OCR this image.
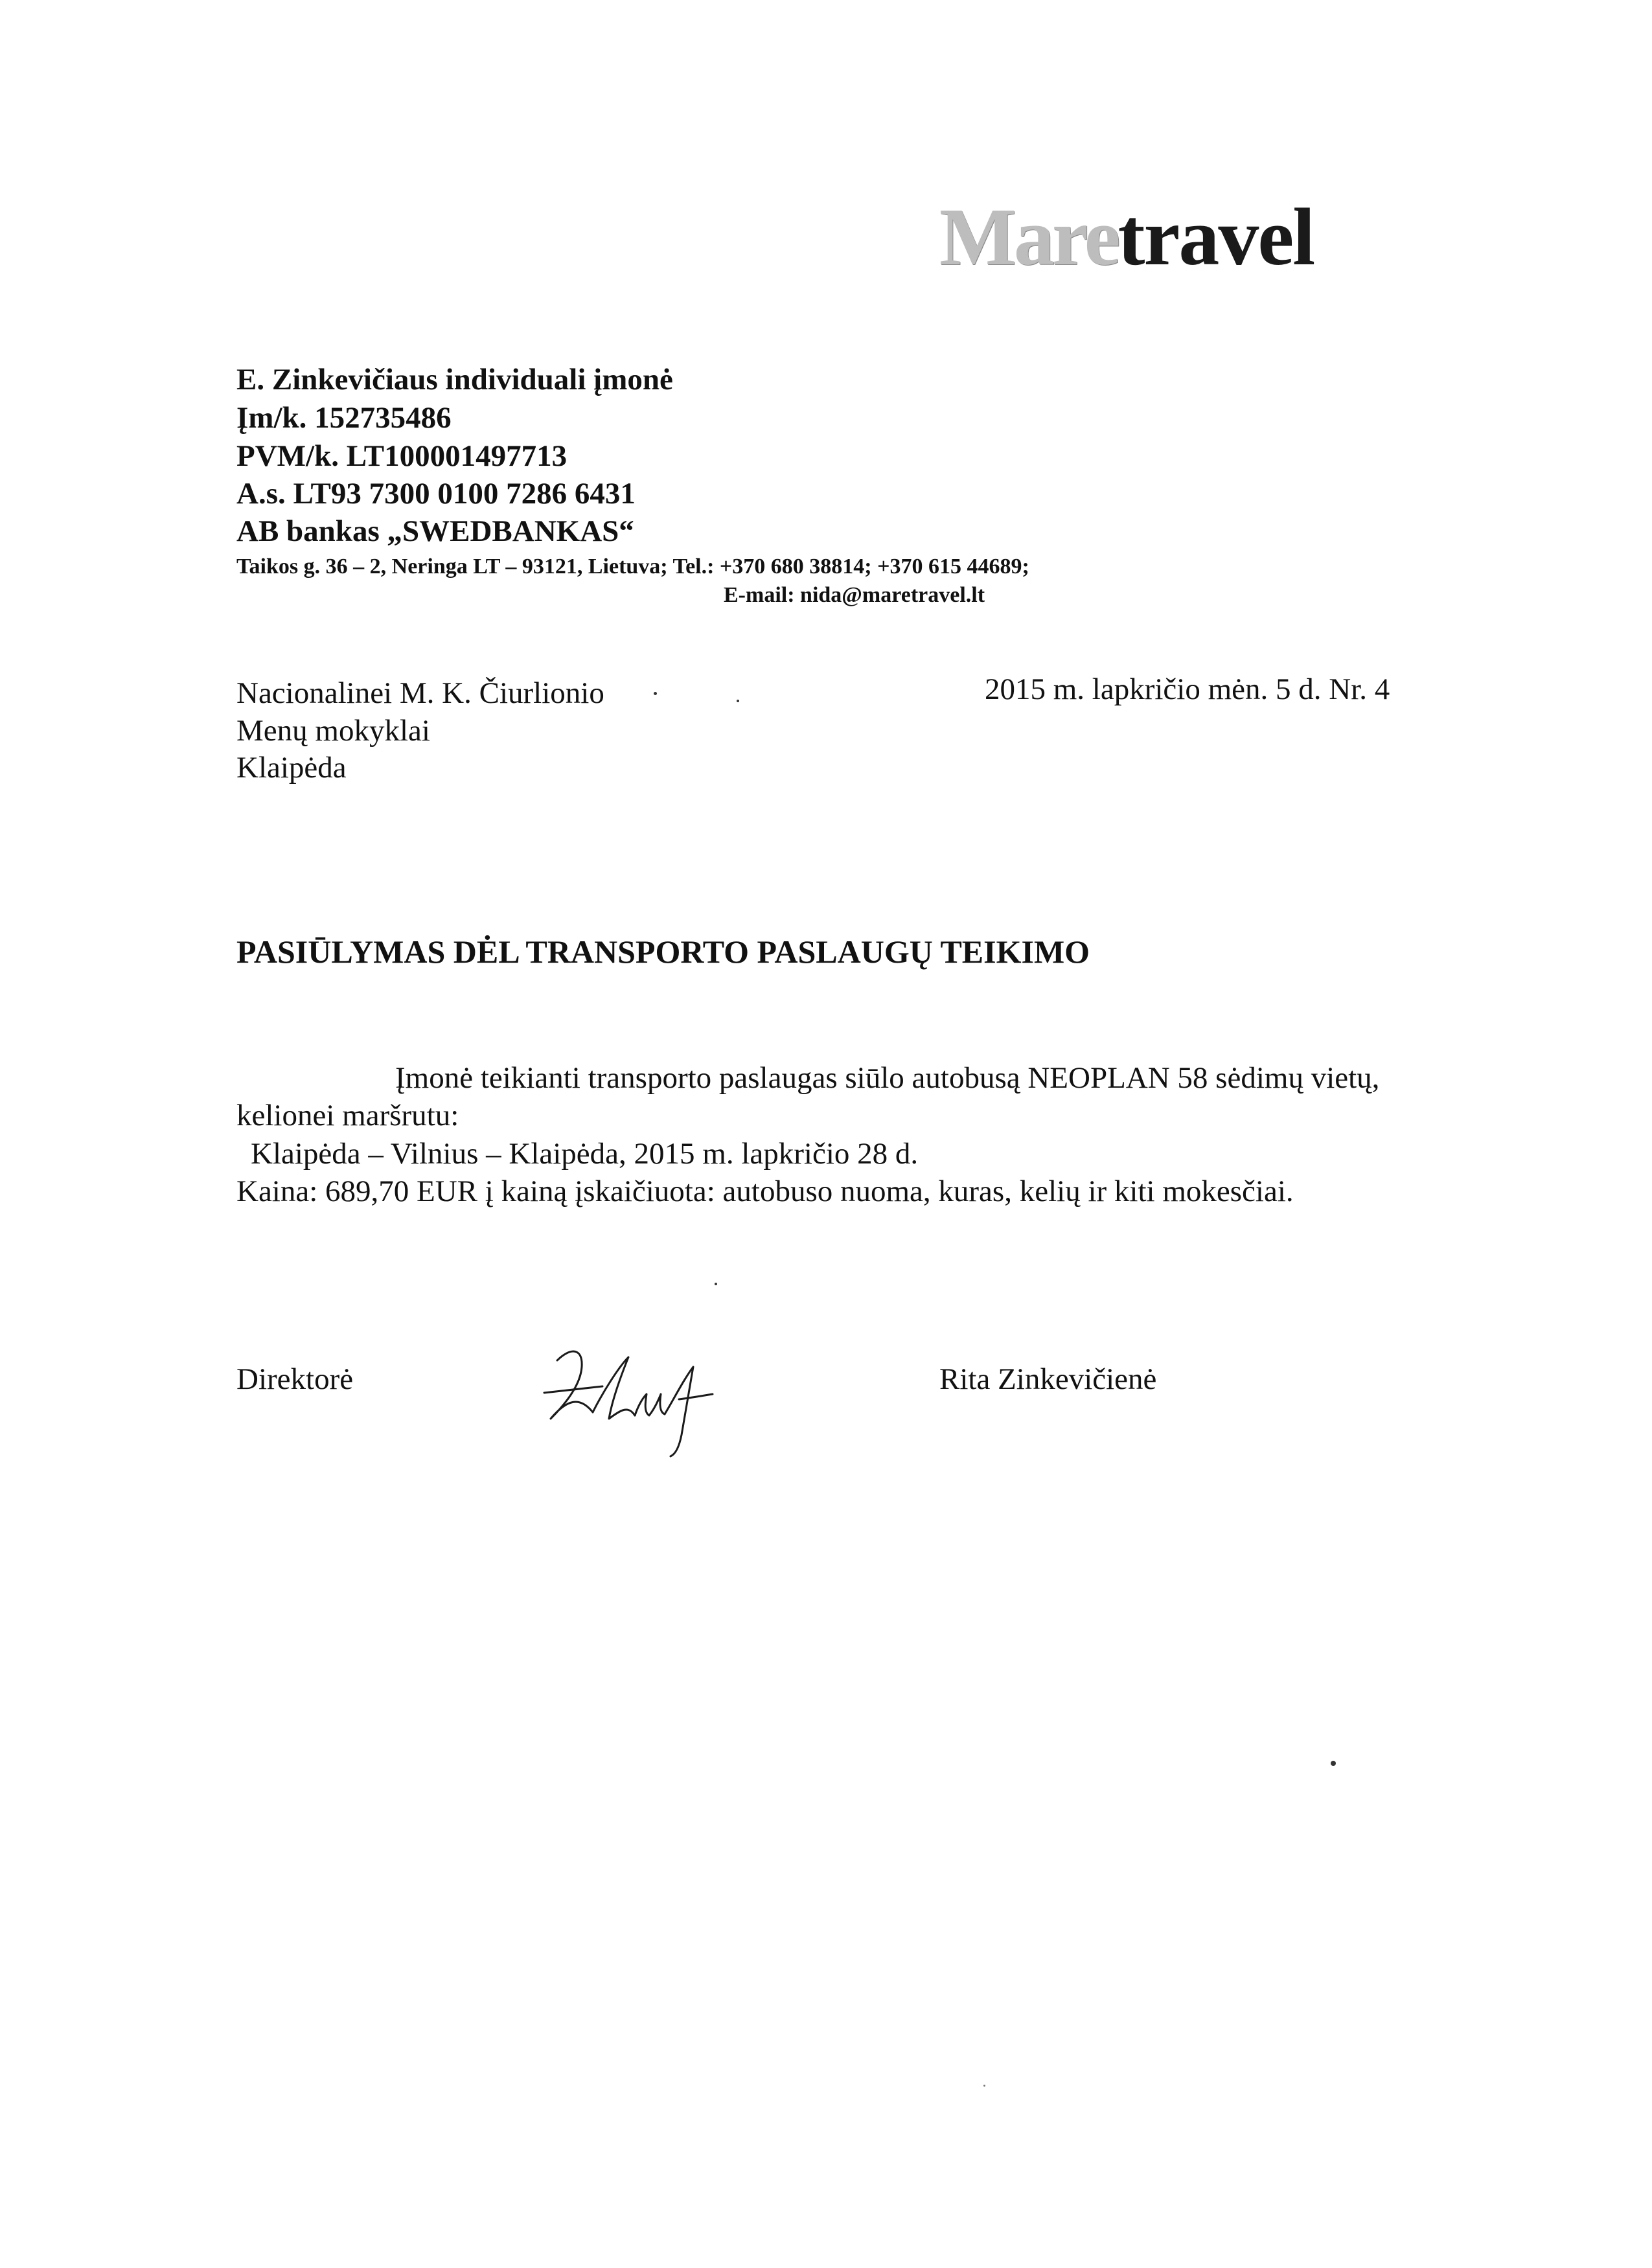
Maretravel
E. Zinkevičiaus individuali įmonė
Įm/k. 152735486
PVM/k. LT100001497713
A.s. LT93 7300 0100 7286 6431
AB bankas „SWEDBANKAS“
Taikos g. 36 – 2, Neringa LT – 93121, Lietuva; Tel.: +370 680 38814; +370 615 44689;
E-mail: nida@maretravel.lt
Nacionalinei M. K. Čiurlionio
Menų mokyklai
Klaipėda
2015 m. lapkričio mėn. 5 d. Nr. 4
PASIŪLYMAS DĖL TRANSPORTO PASLAUGŲ TEIKIMO
Įmonė teikianti transporto paslaugas siūlo autobusą NEOPLAN 58 sėdimų vietų,
kelionei maršrutu:
Klaipėda – Vilnius – Klaipėda, 2015 m. lapkričio 28 d.
Kaina: 689,70 EUR į kainą įskaičiuota: autobuso nuoma, kuras, kelių ir kiti mokesčiai.
Direktorė	Rita Zinkevičienė
